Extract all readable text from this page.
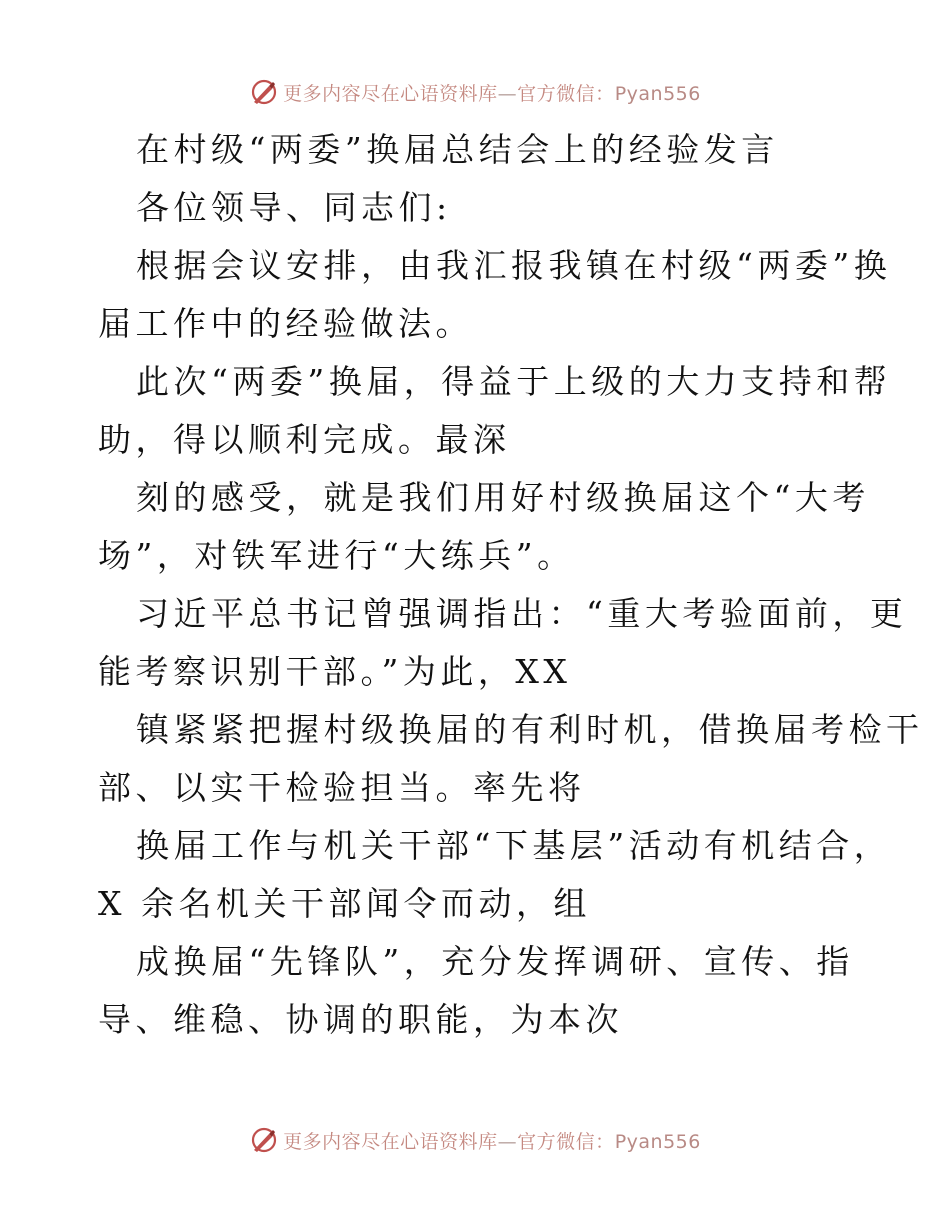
更多内容尽在心语资料库—官方微信：Pyan556
在村级“两委”换届总结会上的经验发言
各位领导、同志们:
根据会议安排，由我汇报我镇在村级“两委”换
届工作中的经验做法。
此次“两委”换届，得益于上级的大力支持和帮
助，得以顺利完成。最深
刻的感受，就是我们用好村级换届这个“大考
场”，对铁军进行“大练兵”。
习近平总书记曾强调指出：“重大考验面前，更
能考察识别干部。”为此，XX
镇紧紧把握村级换届的有利时机，借换届考检干
部、以实干检验担当。率先将
换届工作与机关干部“下基层”活动有机结合，
X 余名机关干部闻令而动，组
成换届“先锋队”，充分发挥调研、宣传、指
导、维稳、协调的职能，为本次
更多内容尽在心语资料库—官方微信：Pyan556
